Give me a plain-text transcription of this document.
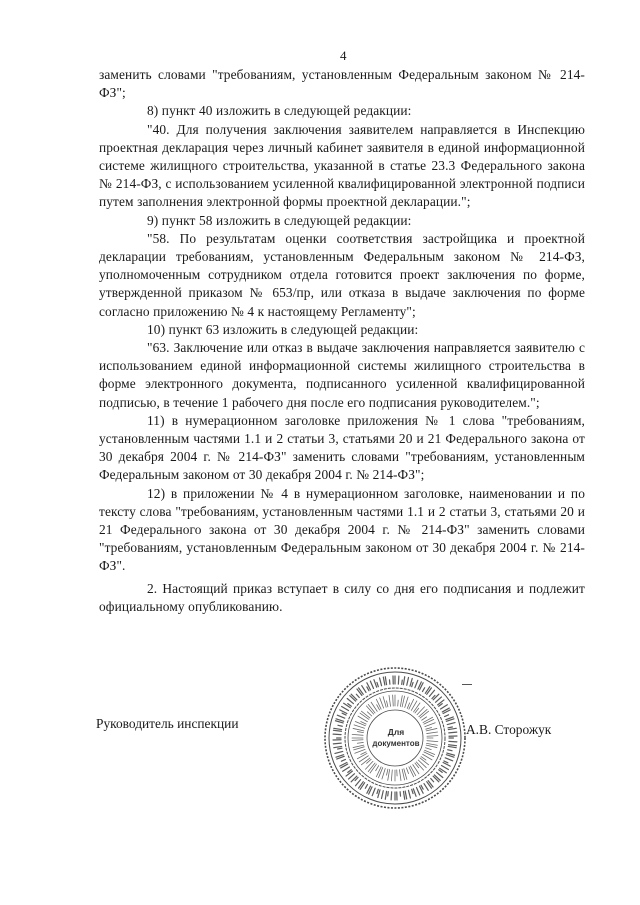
4

заменить словами "требованиям, установленным Федеральным законом № 214-ФЗ";

8) пункт 40 изложить в следующей редакции:

"40. Для получения заключения заявителем направляется в Инспекцию проектная декларация через личный кабинет заявителя в единой информационной системе жилищного строительства, указанной в статье 23.3 Федерального закона № 214-ФЗ, с использованием усиленной квалифицированной электронной подписи путем заполнения электронной формы проектной декларации.";

9) пункт 58 изложить в следующей редакции:

"58. По результатам оценки соответствия застройщика и проектной декларации требованиям, установленным Федеральным законом № 214-ФЗ, уполномоченным сотрудником отдела готовится проект заключения по форме, утвержденной приказом № 653/пр, или отказа в выдаче заключения по форме согласно приложению № 4 к настоящему Регламенту";

10) пункт 63 изложить в следующей редакции:

"63. Заключение или отказ в выдаче заключения направляется заявителю с использованием единой информационной системы жилищного строительства в форме электронного документа, подписанного усиленной квалифицированной подписью, в течение 1 рабочего дня после его подписания руководителем.";

11) в нумерационном заголовке приложения № 1 слова "требованиям, установленным частями 1.1 и 2 статьи 3, статьями 20 и 21 Федерального закона от 30 декабря 2004 г. № 214-ФЗ" заменить словами "требованиям, установленным Федеральным законом от 30 декабря 2004 г. № 214-ФЗ";

12) в приложении № 4 в нумерационном заголовке, наименовании и по тексту слова "требованиям, установленным частями 1.1 и 2 статьи 3, статьями 20 и 21 Федерального закона от 30 декабря 2004 г. № 214-ФЗ" заменить словами "требованиям, установленным Федеральным законом от 30 декабря 2004 г. № 214-ФЗ".

2. Настоящий приказ вступает в силу со дня его подписания и подлежит официальному опубликованию.

Руководитель инспекции
Для
документов
А.В. Сторожук
